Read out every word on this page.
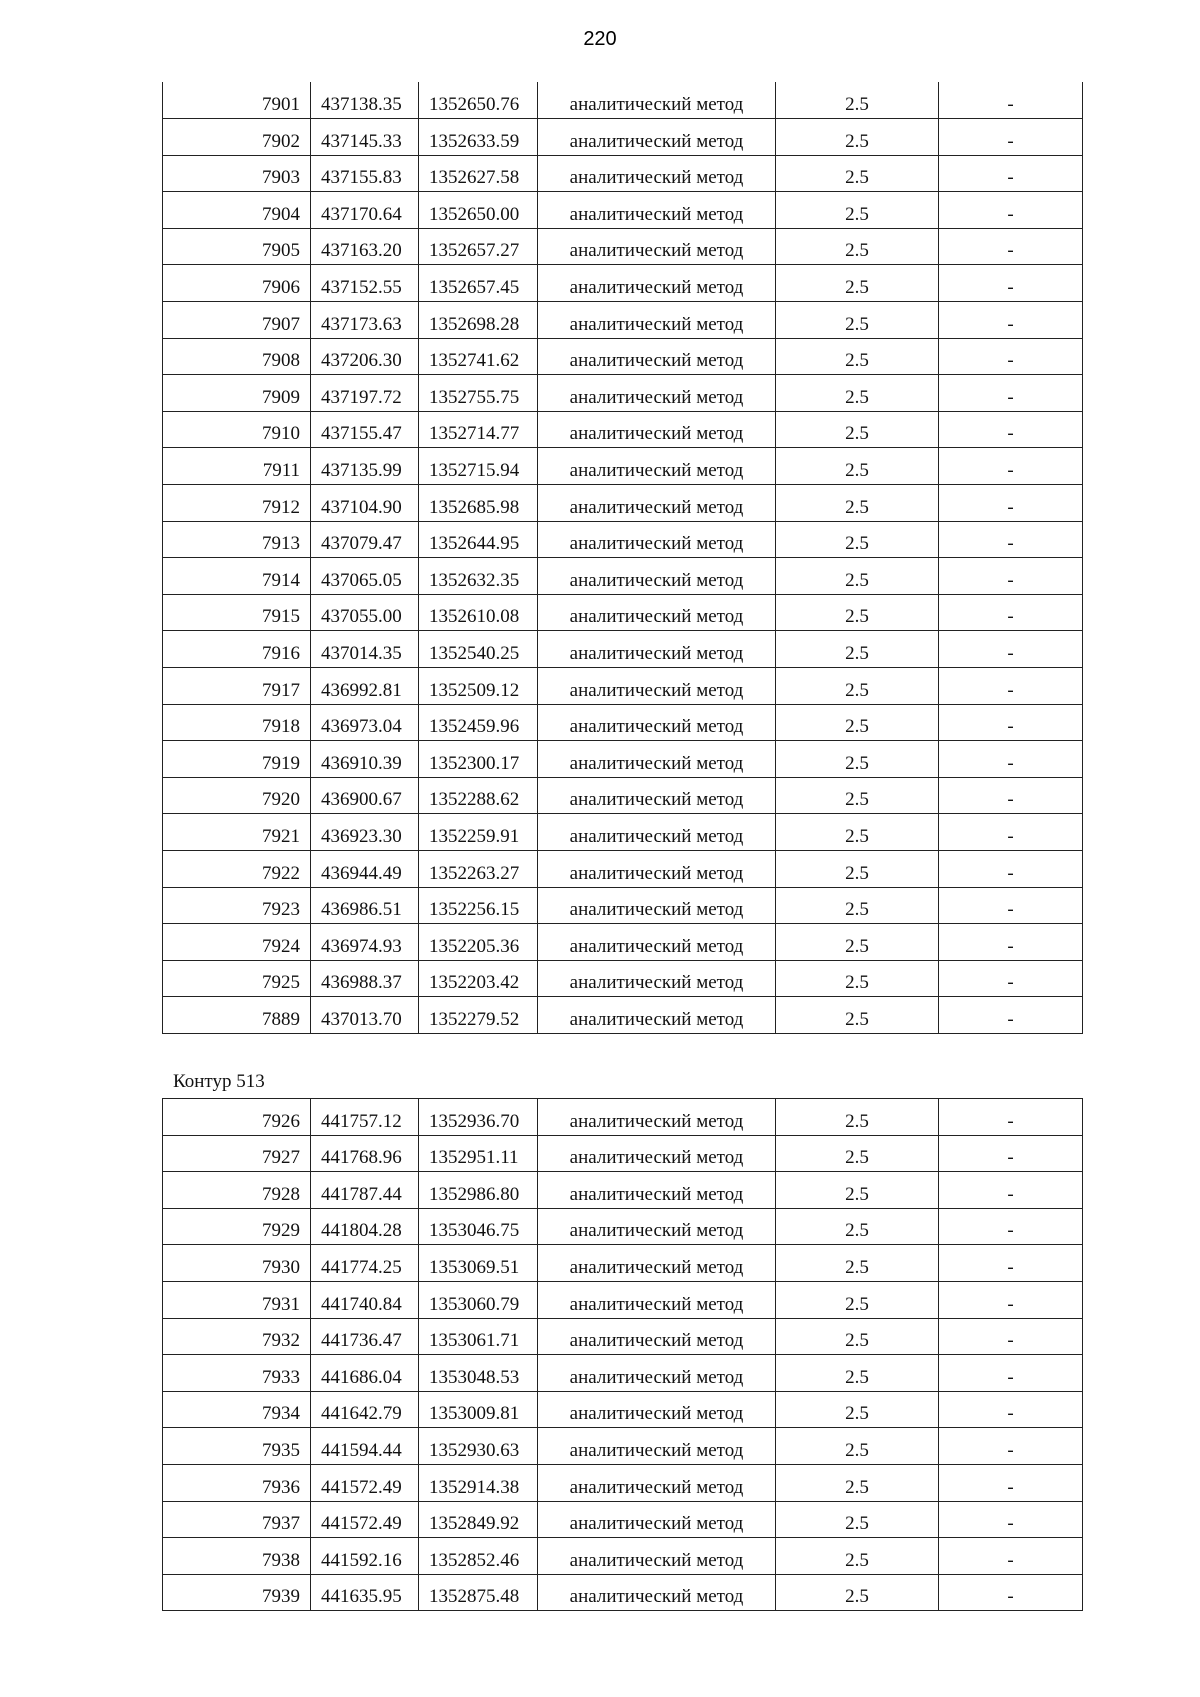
220
7901	437138.35	1352650.76	аналитический метод	2.5	-
7902	437145.33	1352633.59	аналитический метод	2.5	-
7903	437155.83	1352627.58	аналитический метод	2.5	-
7904	437170.64	1352650.00	аналитический метод	2.5	-
7905	437163.20	1352657.27	аналитический метод	2.5	-
7906	437152.55	1352657.45	аналитический метод	2.5	-
7907	437173.63	1352698.28	аналитический метод	2.5	-
7908	437206.30	1352741.62	аналитический метод	2.5	-
7909	437197.72	1352755.75	аналитический метод	2.5	-
7910	437155.47	1352714.77	аналитический метод	2.5	-
7911	437135.99	1352715.94	аналитический метод	2.5	-
7912	437104.90	1352685.98	аналитический метод	2.5	-
7913	437079.47	1352644.95	аналитический метод	2.5	-
7914	437065.05	1352632.35	аналитический метод	2.5	-
7915	437055.00	1352610.08	аналитический метод	2.5	-
7916	437014.35	1352540.25	аналитический метод	2.5	-
7917	436992.81	1352509.12	аналитический метод	2.5	-
7918	436973.04	1352459.96	аналитический метод	2.5	-
7919	436910.39	1352300.17	аналитический метод	2.5	-
7920	436900.67	1352288.62	аналитический метод	2.5	-
7921	436923.30	1352259.91	аналитический метод	2.5	-
7922	436944.49	1352263.27	аналитический метод	2.5	-
7923	436986.51	1352256.15	аналитический метод	2.5	-
7924	436974.93	1352205.36	аналитический метод	2.5	-
7925	436988.37	1352203.42	аналитический метод	2.5	-
7889	437013.70	1352279.52	аналитический метод	2.5	-
Контур 513
7926	441757.12	1352936.70	аналитический метод	2.5	-
7927	441768.96	1352951.11	аналитический метод	2.5	-
7928	441787.44	1352986.80	аналитический метод	2.5	-
7929	441804.28	1353046.75	аналитический метод	2.5	-
7930	441774.25	1353069.51	аналитический метод	2.5	-
7931	441740.84	1353060.79	аналитический метод	2.5	-
7932	441736.47	1353061.71	аналитический метод	2.5	-
7933	441686.04	1353048.53	аналитический метод	2.5	-
7934	441642.79	1353009.81	аналитический метод	2.5	-
7935	441594.44	1352930.63	аналитический метод	2.5	-
7936	441572.49	1352914.38	аналитический метод	2.5	-
7937	441572.49	1352849.92	аналитический метод	2.5	-
7938	441592.16	1352852.46	аналитический метод	2.5	-
7939	441635.95	1352875.48	аналитический метод	2.5	-
